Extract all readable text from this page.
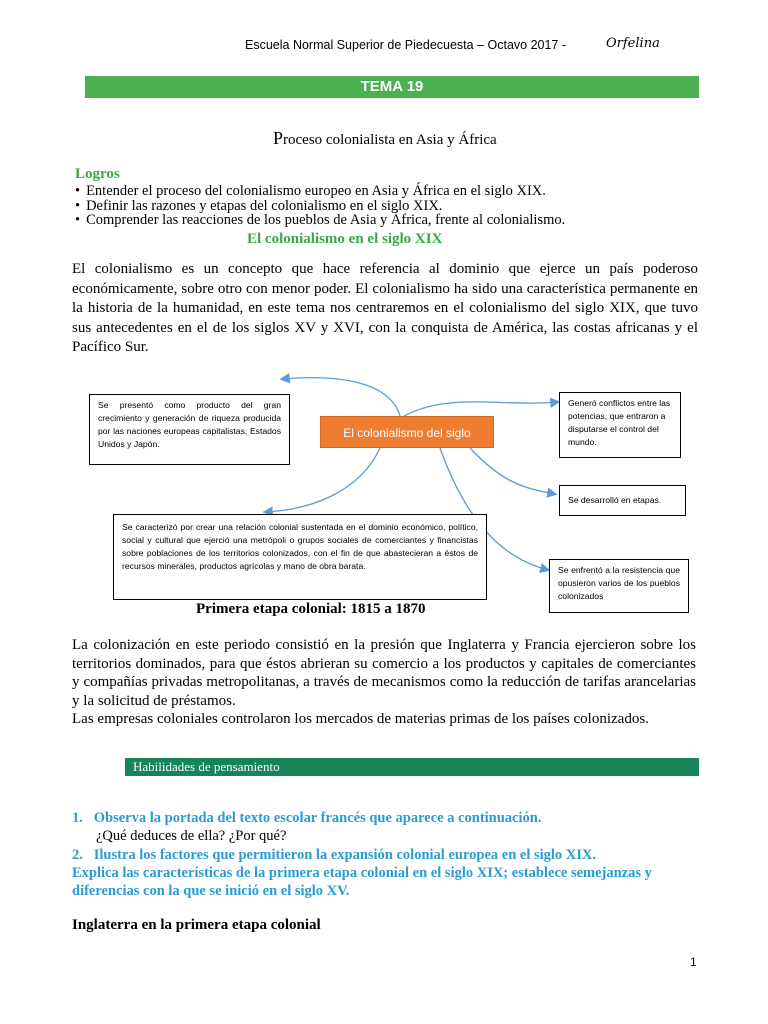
Escuela Normal Superior de Piedecuesta – Octavo 2017 -	Orfelina
TEMA 19
Proceso colonialista en Asia y África
Logros
• Entender el proceso del colonialismo europeo en Asia y África en el siglo XIX.
• Definir las razones y etapas del colonialismo en el siglo XIX.
• Comprender las reacciones de los pueblos de Asia y África, frente al colonialismo.
El colonialismo en el siglo XIX
El colonialismo es un concepto que hace referencia al dominio que ejerce un país poderoso económicamente, sobre otro con menor poder. El colonialismo ha sido una característica permanente en la historia de la humanidad, en este tema nos centraremos en el colonialismo del siglo XIX, que tuvo sus antecedentes en el de los siglos XV y XVI, con la conquista de América, las costas africanas y el Pacífico Sur.
Se presentó como producto del gran crecimiento y generación de riqueza producida por las naciones europeas capitalistas, Estados Unidos y Japón.
El colonialismo del siglo
Generó conflictos entre las potencias, que entraron a disputarse el control del mundo.
Se desarrolló en etapas.
Se caracterizó por crear una relación colonial sustentada en el dominio económico, político, social y cultural que ejerció una metrópoli o grupos sociales de comerciantes y financistas sobre poblaciones de los territorios colonizados, con el fin de que abastecieran a éstos de recursos minerales, productos agrícolas y mano de obra barata.	Se enfrentó a la resistencia que opusieron varios de los pueblos colonizados
Primera etapa colonial: 1815 a 1870
La colonización en este periodo consistió en la presión que Inglaterra y Francia ejercieron sobre los territorios dominados, para que éstos abrieran su comercio a los productos y capitales de comerciantes y compañías privadas metropolitanas, a través de mecanismos como la reducción de tarifas arancelarias y la solicitud de préstamos.
Las empresas coloniales controlaron los mercados de materias primas de los países colonizados.
Habilidades de pensamiento
1. Observa la portada del texto escolar francés que aparece a continuación.
¿Qué deduces de ella? ¿Por qué?
2. Ilustra los factores que permitieron la expansión colonial europea en el siglo XIX.
Explica las características de la primera etapa colonial en el siglo XIX; establece semejanzas y diferencias con la que se inició en el siglo XV.
Inglaterra en la primera etapa colonial
1
